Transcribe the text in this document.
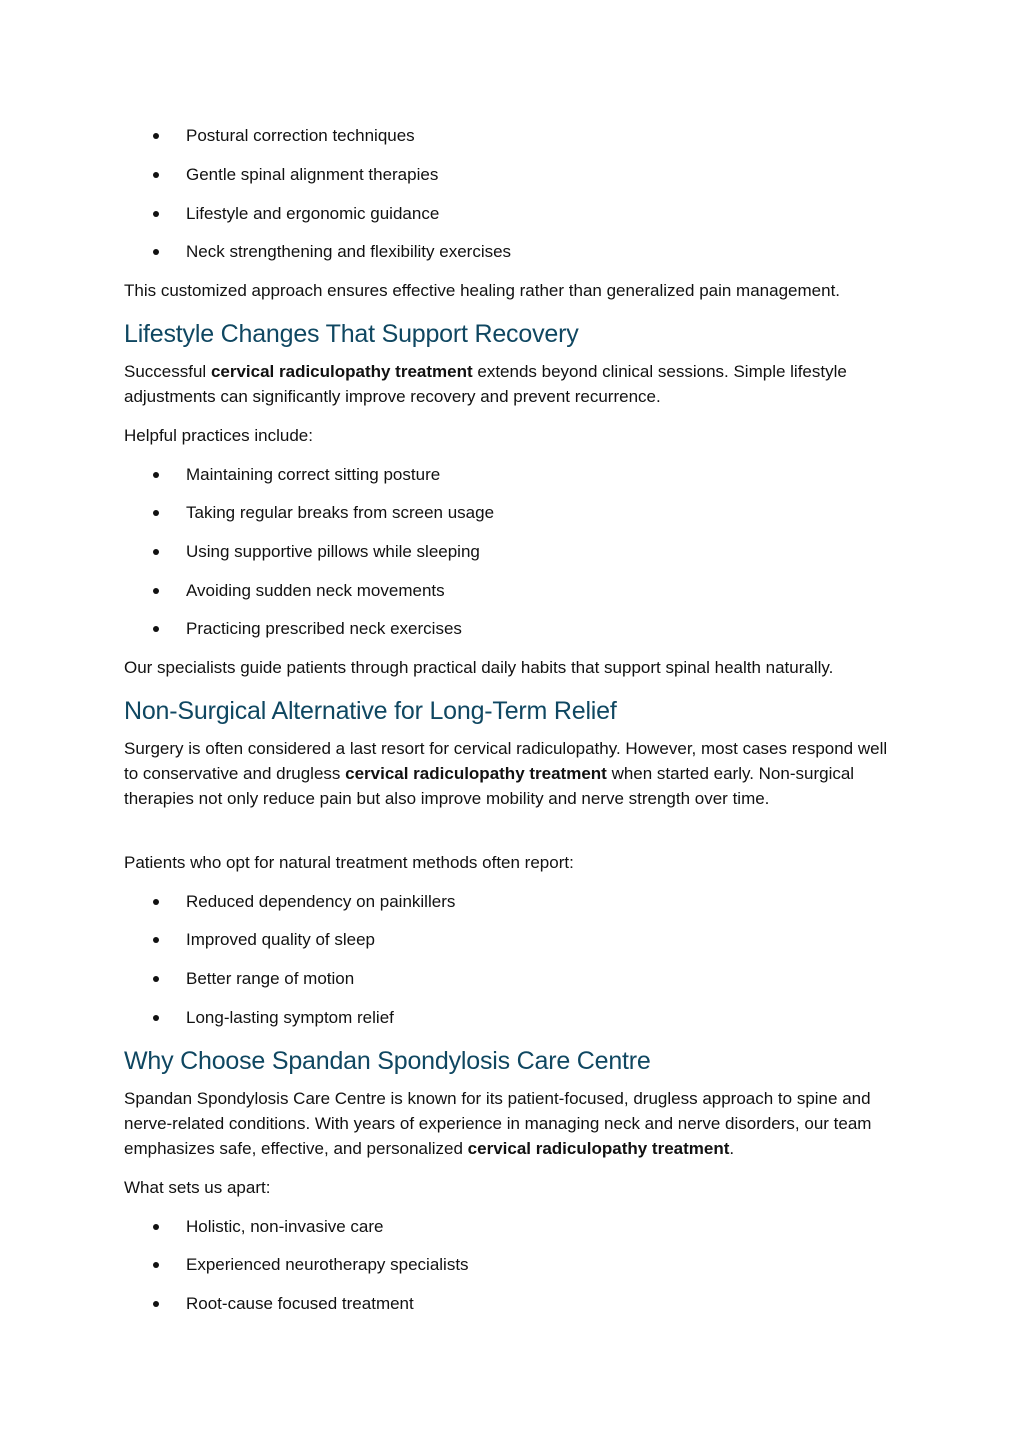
Postural correction techniques
Gentle spinal alignment therapies
Lifestyle and ergonomic guidance
Neck strengthening and flexibility exercises

This customized approach ensures effective healing rather than generalized pain management.

Lifestyle Changes That Support Recovery

Successful cervical radiculopathy treatment extends beyond clinical sessions. Simple lifestyle adjustments can significantly improve recovery and prevent recurrence.

Helpful practices include:

Maintaining correct sitting posture
Taking regular breaks from screen usage
Using supportive pillows while sleeping
Avoiding sudden neck movements
Practicing prescribed neck exercises

Our specialists guide patients through practical daily habits that support spinal health naturally.

Non-Surgical Alternative for Long-Term Relief

Surgery is often considered a last resort for cervical radiculopathy. However, most cases respond well to conservative and drugless cervical radiculopathy treatment when started early. Non-surgical therapies not only reduce pain but also improve mobility and nerve strength over time.

Patients who opt for natural treatment methods often report:

Reduced dependency on painkillers
Improved quality of sleep
Better range of motion
Long-lasting symptom relief
Why Choose Spandan Spondylosis Care Centre

Spandan Spondylosis Care Centre is known for its patient-focused, drugless approach to spine and nerve-related conditions. With years of experience in managing neck and nerve disorders, our team emphasizes safe, effective, and personalized cervical radiculopathy treatment.

What sets us apart:

Holistic, non-invasive care
Experienced neurotherapy specialists
Root-cause focused treatment
